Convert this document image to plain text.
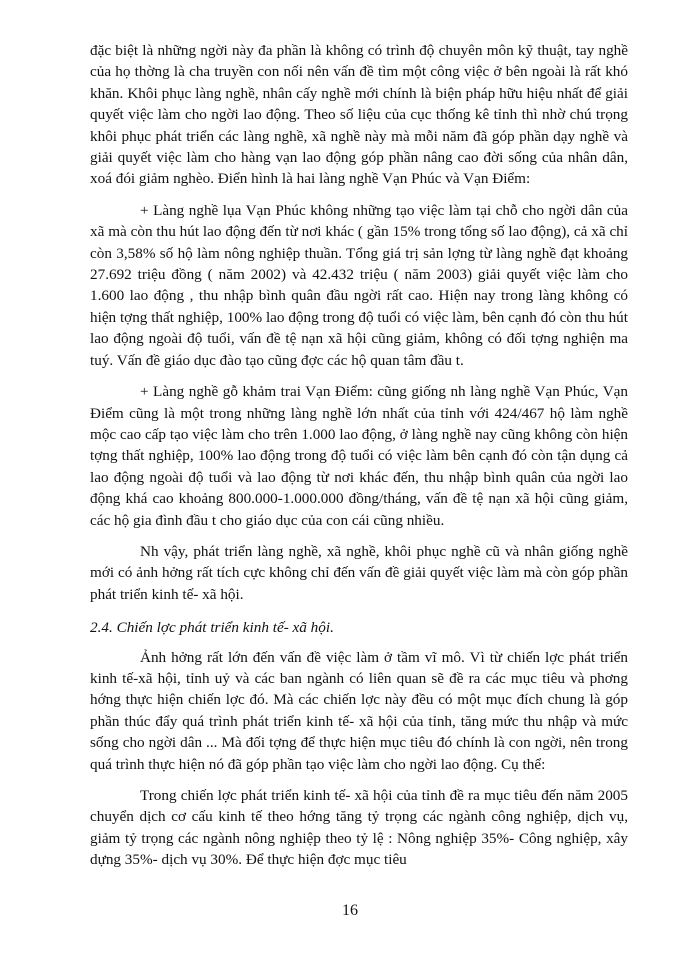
đặc biệt là những ngời này đa phần là không có trình độ chuyên môn kỹ thuật, tay nghề của họ thờng là cha truyền con nối nên vấn đề tìm một công việc ở bên ngoài là rất khó khăn. Khôi phục làng nghề, nhân cấy nghề mới chính là biện pháp hữu hiệu nhất để giải quyết việc làm cho ngời lao động. Theo số liệu của cục thống kê tỉnh thì nhờ chú trọng khôi phục phát triển các làng nghề, xã nghề này mà mỗi năm đã góp phần dạy nghề và giải quyết việc làm cho hàng vạn lao động góp phần nâng cao đời sống của nhân dân, xoá đói giảm nghèo. Điển hình là hai làng nghề Vạn Phúc và Vạn Điểm:

+ Làng nghề lụa Vạn Phúc không những tạo việc làm tại chỗ cho ngời dân của xã mà còn thu hút lao động đến từ nơi khác ( gần 15% trong tổng số lao động), cả xã chỉ còn 3,58% số hộ làm nông nghiệp thuần. Tổng giá trị sản lợng từ làng nghề đạt khoảng 27.692 triệu đồng ( năm 2002) và 42.432 triệu ( năm 2003) giải quyết việc làm cho 1.600 lao động , thu nhập bình quân đầu ngời rất cao. Hiện nay trong làng không có hiện tợng thất nghiệp, 100% lao động trong độ tuổi có việc làm, bên cạnh đó còn thu hút lao động ngoài độ tuổi, vấn đề tệ nạn xã hội cũng giảm, không có đối tợng nghiện ma tuý. Vấn đề giáo dục đào tạo cũng đợc các hộ quan tâm đầu t.

+ Làng nghề gỗ khảm trai Vạn Điểm: cũng giống nh làng nghề Vạn Phúc, Vạn Điểm cũng là một trong những làng nghề lớn nhất của tỉnh với 424/467 hộ làm nghề mộc cao cấp tạo việc làm cho trên 1.000 lao động, ở làng nghề nay cũng không còn hiện tợng thất nghiệp, 100% lao động trong độ tuổi có việc làm bên cạnh đó còn tận dụng cả lao động ngoài độ tuổi và lao động từ nơi khác đến, thu nhập bình quân của ngời lao động khá cao khoảng 800.000-1.000.000 đồng/tháng, vấn đề tệ nạn xã hội cũng giảm, các hộ gia đình đầu t cho giáo dục của con cái cũng nhiều.

Nh vậy, phát triển làng nghề, xã nghề, khôi phục nghề cũ và nhân giống nghề mới có ảnh hởng rất tích cực không chỉ đến vấn đề giải quyết việc làm mà còn góp phần phát triển kinh tế- xã hội.

2.4. Chiến lợc phát triển kinh tế- xã hội.

Ảnh hởng rất lớn đến vấn đề việc làm ở tầm vĩ mô. Vì từ chiến lợc phát triển kinh tế-xã hội, tỉnh uỷ và các ban ngành có liên quan sẽ đề ra các mục tiêu và phơng hớng thực hiện chiến lợc đó. Mà các chiến lợc này đều có một mục đích chung là góp phần thúc đẩy quá trình phát triển kinh tế- xã hội của tỉnh, tăng mức thu nhập và mức sống cho ngời dân ... Mà đối tợng để thực hiện mục tiêu đó chính là con ngời, nên trong quá trình thực hiện nó đã góp phần tạo việc làm cho ngời lao động. Cụ thể:

Trong chiến lợc phát triển kinh tế- xã hội của tỉnh đề ra mục tiêu đến năm 2005 chuyển dịch cơ cấu kinh tế theo hớng tăng tỷ trọng các ngành công nghiệp, dịch vụ, giảm tỷ trọng các ngành nông nghiệp theo tỷ lệ : Nông nghiệp 35%- Công nghiệp, xây dựng 35%- dịch vụ 30%. Để thực hiện đợc mục tiêu

16
